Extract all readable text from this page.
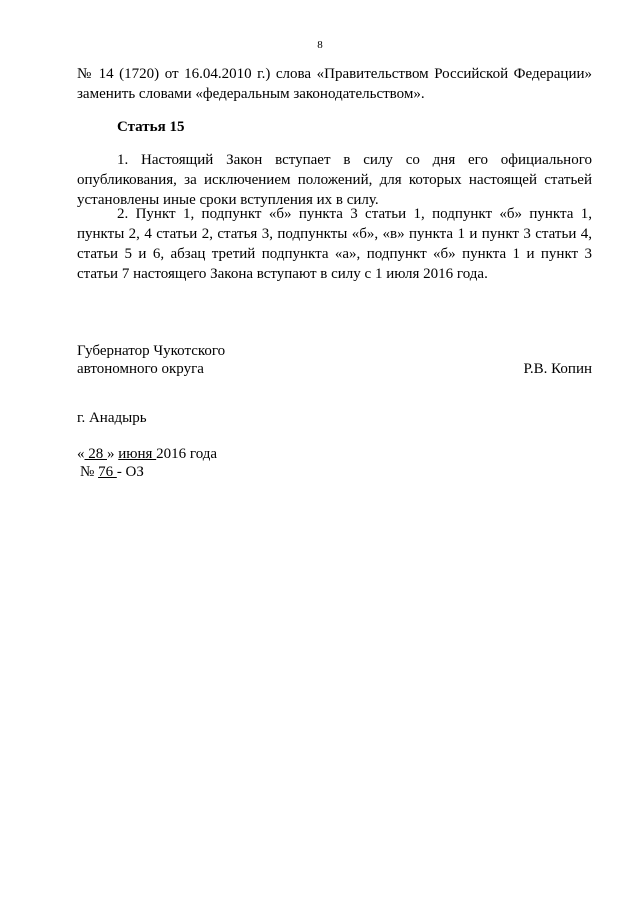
8
№ 14 (1720) от 16.04.2010 г.) слова «Правительством Российской Федерации» заменить словами «федеральным законодательством».
Статья 15
1. Настоящий Закон вступает в силу со дня его официального опубликования, за исключением положений, для которых настоящей статьей установлены иные сроки вступления их в силу.
2. Пункт 1, подпункт «б» пункта 3 статьи 1, подпункт «б» пункта 1, пункты 2, 4 статьи 2, статья 3, подпункты «б», «в» пункта 1 и пункт 3 статьи 4, статьи 5 и 6, абзац третий подпункта «а», подпункт «б» пункта 1 и пункт 3 статьи 7 настоящего Закона вступают в силу с 1 июля 2016 года.
Губернатор Чукотского
автономного округа	Р.В. Копин
г. Анадырь
« 28 » июня 2016 года
№ 76 - ОЗ
